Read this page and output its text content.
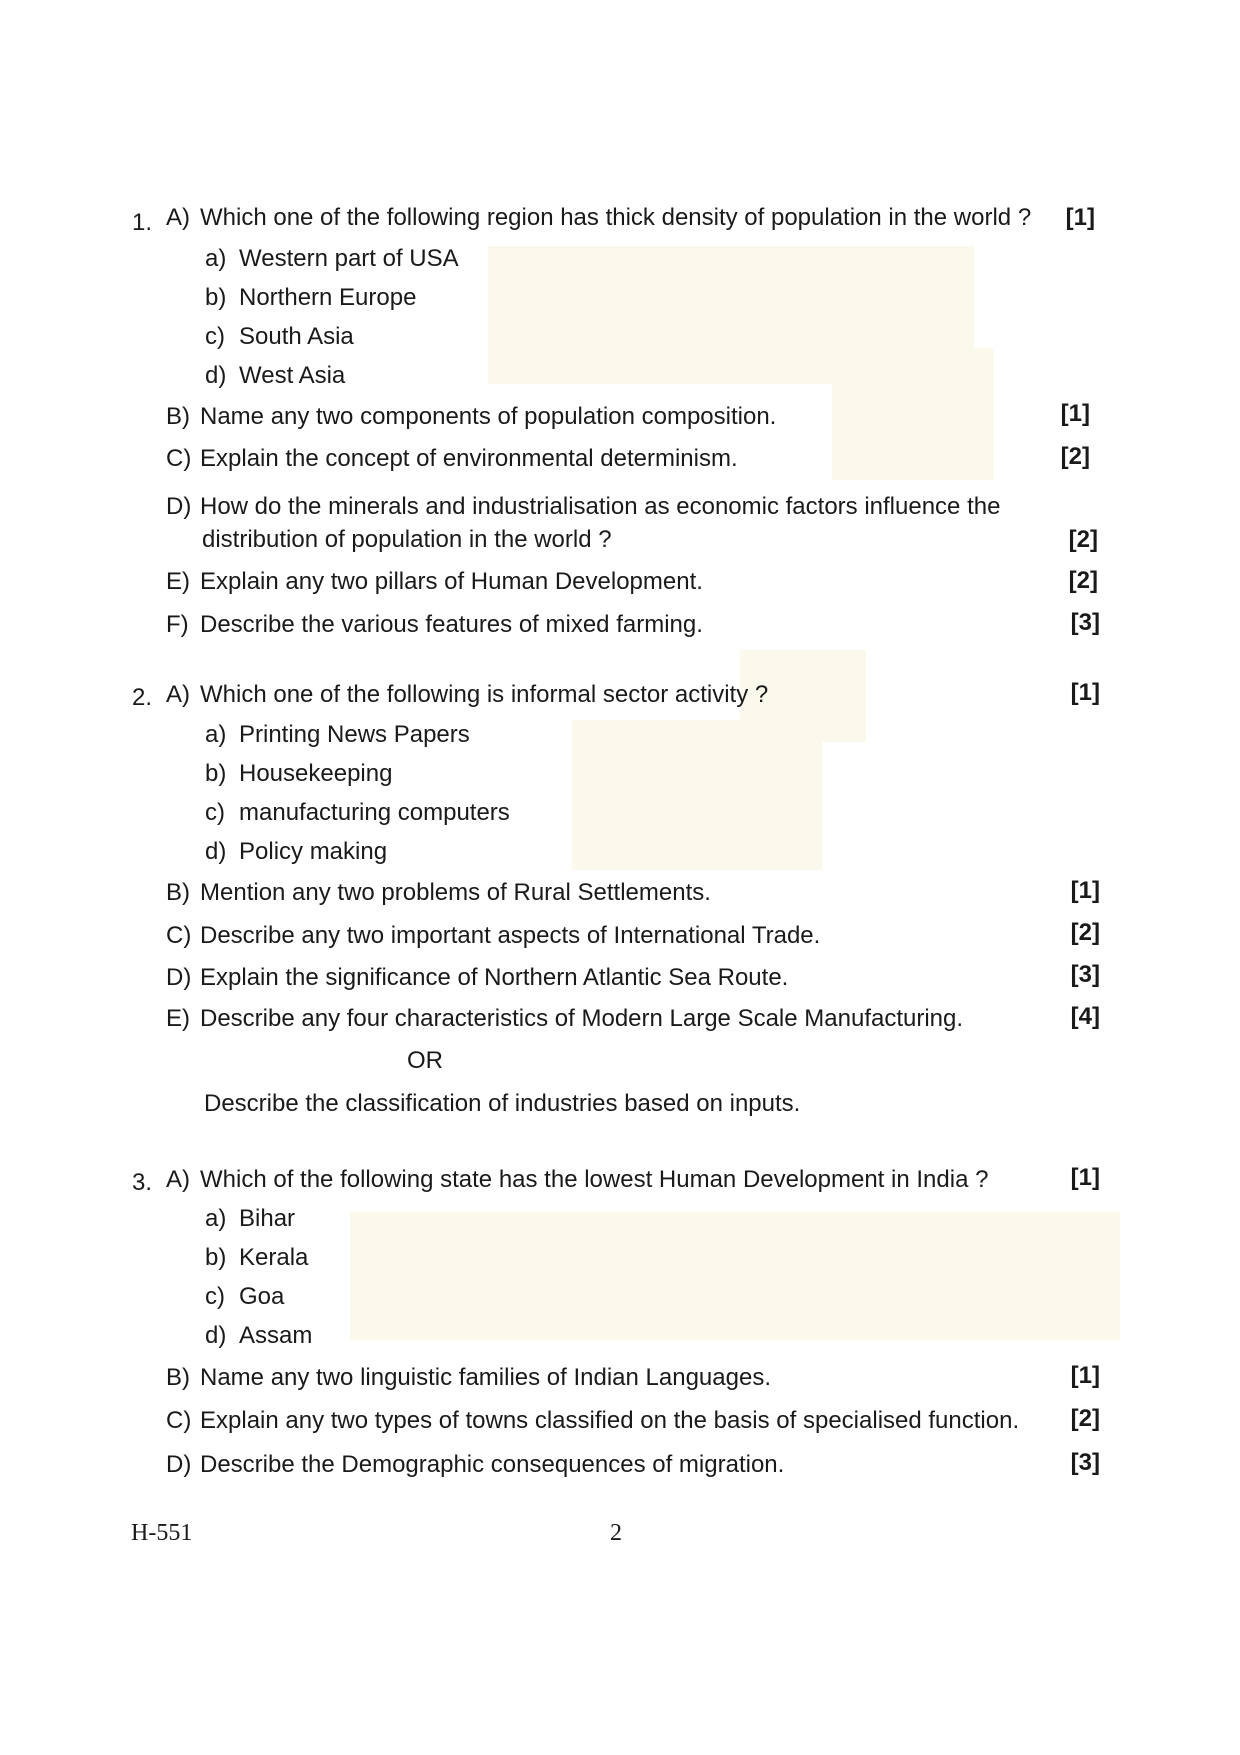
1. A) Which one of the following region has thick density of population in the world ?	[1]
a) Western part of USA
b) Northern Europe
c) South Asia
d) West Asia
B) Name any two components of population composition.	[1]
C) Explain the concept of environmental determinism.	[2]
D) How do the minerals and industrialisation as economic factors influence the
distribution of population in the world ?	[2]
E) Explain any two pillars of Human Development.	[2]
F) Describe the various features of mixed farming.	[3]
2. A) Which one of the following is informal sector activity ?	[1]
a) Printing News Papers
b) Housekeeping
c) manufacturing computers
d) Policy making
B) Mention any two problems of Rural Settlements.	[1]
C) Describe any two important aspects of International Trade.	[2]
D) Explain the significance of Northern Atlantic Sea Route.	[3]
E) Describe any four characteristics of Modern Large Scale Manufacturing.	[4]
OR
Describe the classification of industries based on inputs.
3. A) Which of the following state has the lowest Human Development in India ?	[1]
a) Bihar
b) Kerala
c) Goa
d) Assam
B) Name any two linguistic families of Indian Languages.	[1]
C) Explain any two types of towns classified on the basis of specialised function.	[2]
D) Describe the Demographic consequences of migration.	[3]
H-551	2
